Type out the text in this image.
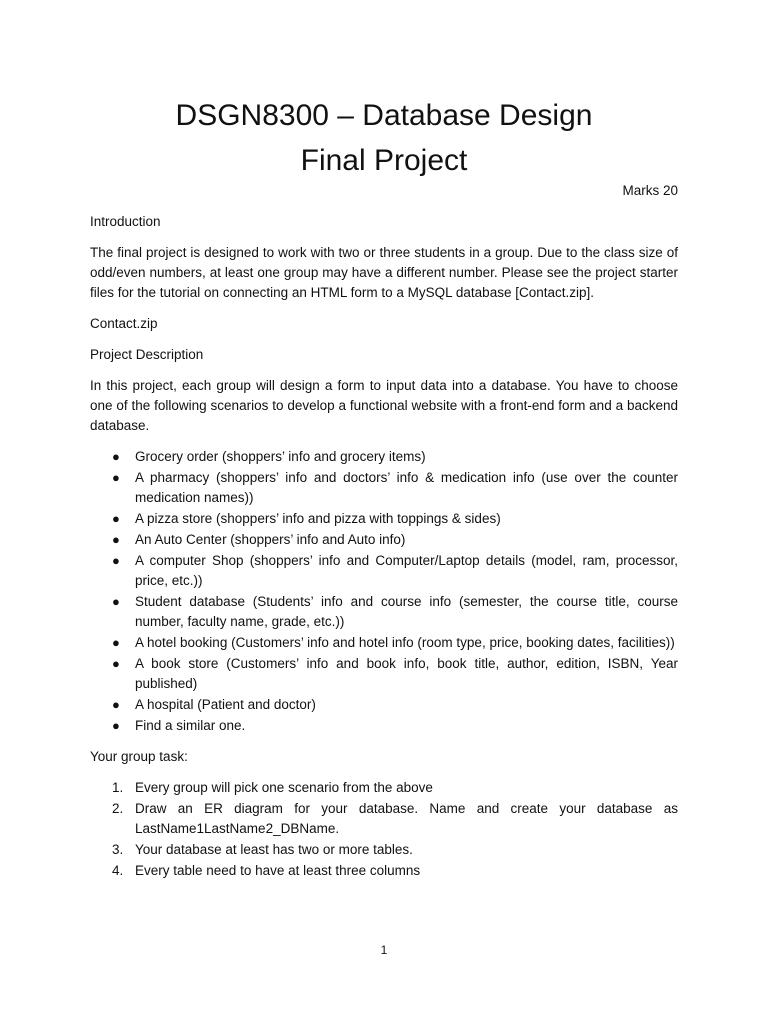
DSGN8300 – Database Design
Final Project

Marks 20

Introduction

The final project is designed to work with two or three students in a group. Due to the class size of odd/even numbers, at least one group may have a different number. Please see the project starter files for the tutorial on connecting an HTML form to a MySQL database [Contact.zip].

Contact.zip

Project Description

In this project, each group will design a form to input data into a database. You have to choose one of the following scenarios to develop a functional website with a front-end form and a backend database.

● Grocery order (shoppers’ info and grocery items)
● A pharmacy (shoppers’ info and doctors’ info & medication info (use over the counter medication names))
● A pizza store (shoppers’ info and pizza with toppings & sides)
● An Auto Center (shoppers’ info and Auto info)
● A computer Shop (shoppers’ info and Computer/Laptop details (model, ram, processor, price, etc.))
● Student database (Students’ info and course info (semester, the course title, course number, faculty name, grade, etc.))
● A hotel booking (Customers’ info and hotel info (room type, price, booking dates, facilities))
● A book store (Customers’ info and book info, book title, author, edition, ISBN, Year published)
● A hospital (Patient and doctor)
● Find a similar one.

Your group task:

1. Every group will pick one scenario from the above
2. Draw an ER diagram for your database. Name and create your database as LastName1LastName2_DBName.
3. Your database at least has two or more tables.
4. Every table need to have at least three columns

1
